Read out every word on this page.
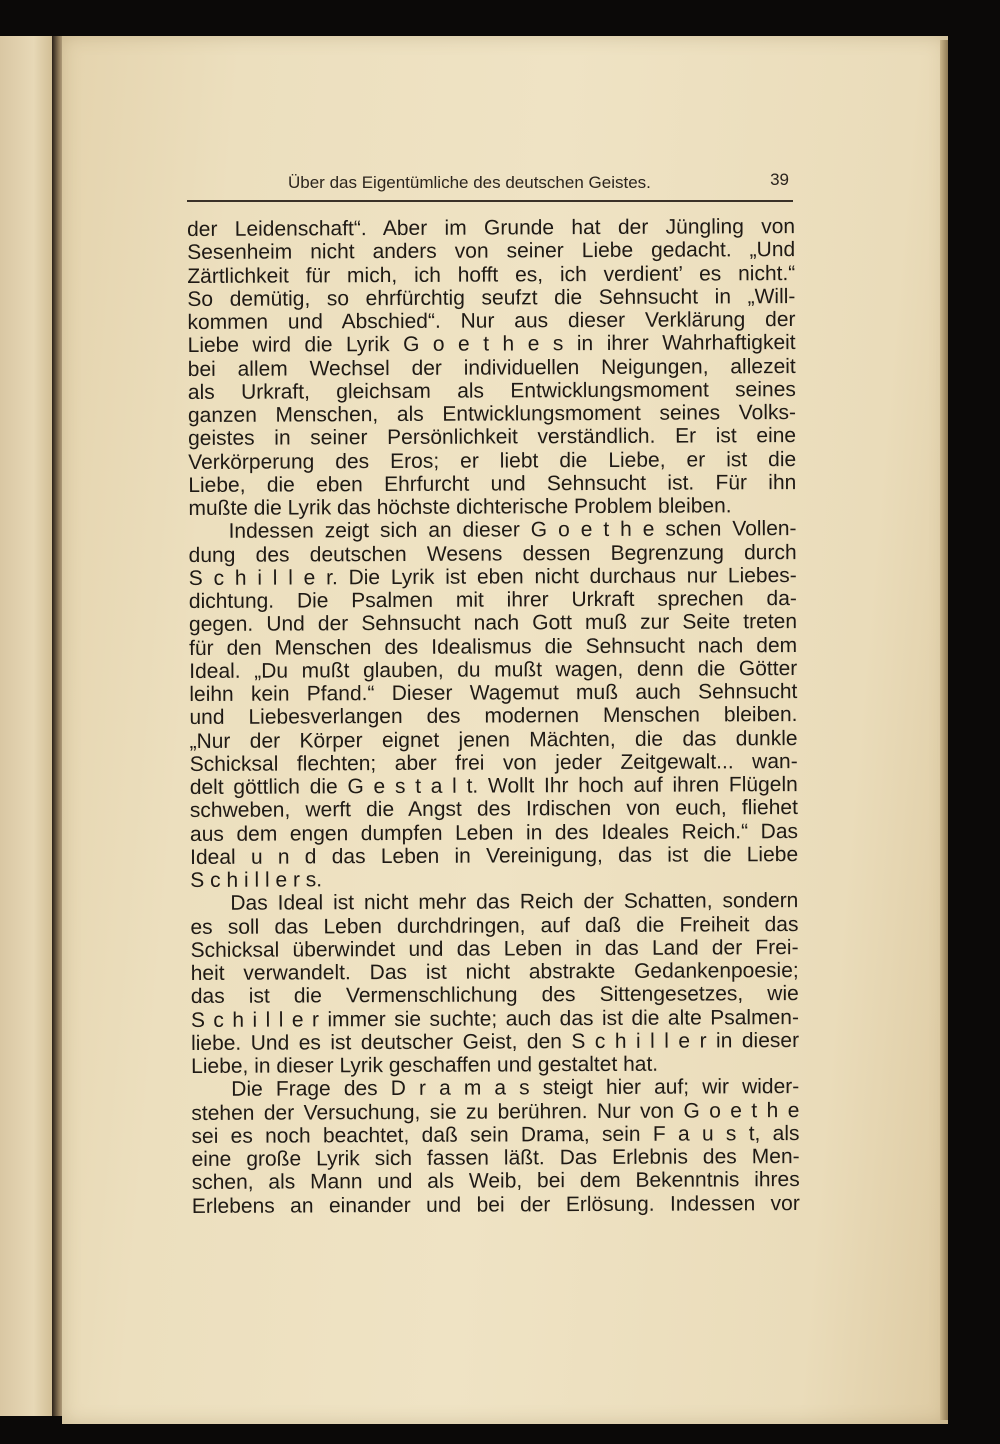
Über das Eigentümliche des deutschen Geistes.	39
der Leidenschaft“. Aber im Grunde hat der Jüngling von
Sesenheim nicht anders von seiner Liebe gedacht. „Und
Zärtlichkeit für mich, ich hofft es, ich verdient’ es nicht.“
So demütig, so ehrfürchtig seufzt die Sehnsucht in „Will-
kommen und Abschied“. Nur aus dieser Verklärung der
Liebe wird die Lyrik G o e t h e s in ihrer Wahrhaftigkeit
bei allem Wechsel der individuellen Neigungen, allezeit
als Urkraft, gleichsam als Entwicklungsmoment seines
ganzen Menschen, als Entwicklungsmoment seines Volks-
geistes in seiner Persönlichkeit verständlich. Er ist eine
Verkörperung des Eros; er liebt die Liebe, er ist die
Liebe, die eben Ehrfurcht und Sehnsucht ist. Für ihn
mußte die Lyrik das höchste dichterische Problem bleiben.
Indessen zeigt sich an dieser G o e t h e schen Vollen-
dung des deutschen Wesens dessen Begrenzung durch
S c h i l l e r. Die Lyrik ist eben nicht durchaus nur Liebes-
dichtung. Die Psalmen mit ihrer Urkraft sprechen da-
gegen. Und der Sehnsucht nach Gott muß zur Seite treten
für den Menschen des Idealismus die Sehnsucht nach dem
Ideal. „Du mußt glauben, du mußt wagen, denn die Götter
leihn kein Pfand.“ Dieser Wagemut muß auch Sehnsucht
und Liebesverlangen des modernen Menschen bleiben.
„Nur der Körper eignet jenen Mächten, die das dunkle
Schicksal flechten; aber frei von jeder Zeitgewalt... wan-
delt göttlich die G e s t a l t. Wollt Ihr hoch auf ihren Flügeln
schweben, werft die Angst des Irdischen von euch, fliehet
aus dem engen dumpfen Leben in des Ideales Reich.“ Das
Ideal u n d das Leben in Vereinigung, das ist die Liebe
S c h i l l e r s.
Das Ideal ist nicht mehr das Reich der Schatten, sondern
es soll das Leben durchdringen, auf daß die Freiheit das
Schicksal überwindet und das Leben in das Land der Frei-
heit verwandelt. Das ist nicht abstrakte Gedankenpoesie;
das ist die Vermenschlichung des Sittengesetzes, wie
S c h i l l e r immer sie suchte; auch das ist die alte Psalmen-
liebe. Und es ist deutscher Geist, den S c h i l l e r in dieser
Liebe, in dieser Lyrik geschaffen und gestaltet hat.
Die Frage des D r a m a s steigt hier auf; wir wider-
stehen der Versuchung, sie zu berühren. Nur von G o e t h e
sei es noch beachtet, daß sein Drama, sein F a u s t, als
eine große Lyrik sich fassen läßt. Das Erlebnis des Men-
schen, als Mann und als Weib, bei dem Bekenntnis ihres
Erlebens an einander und bei der Erlösung. Indessen vor
